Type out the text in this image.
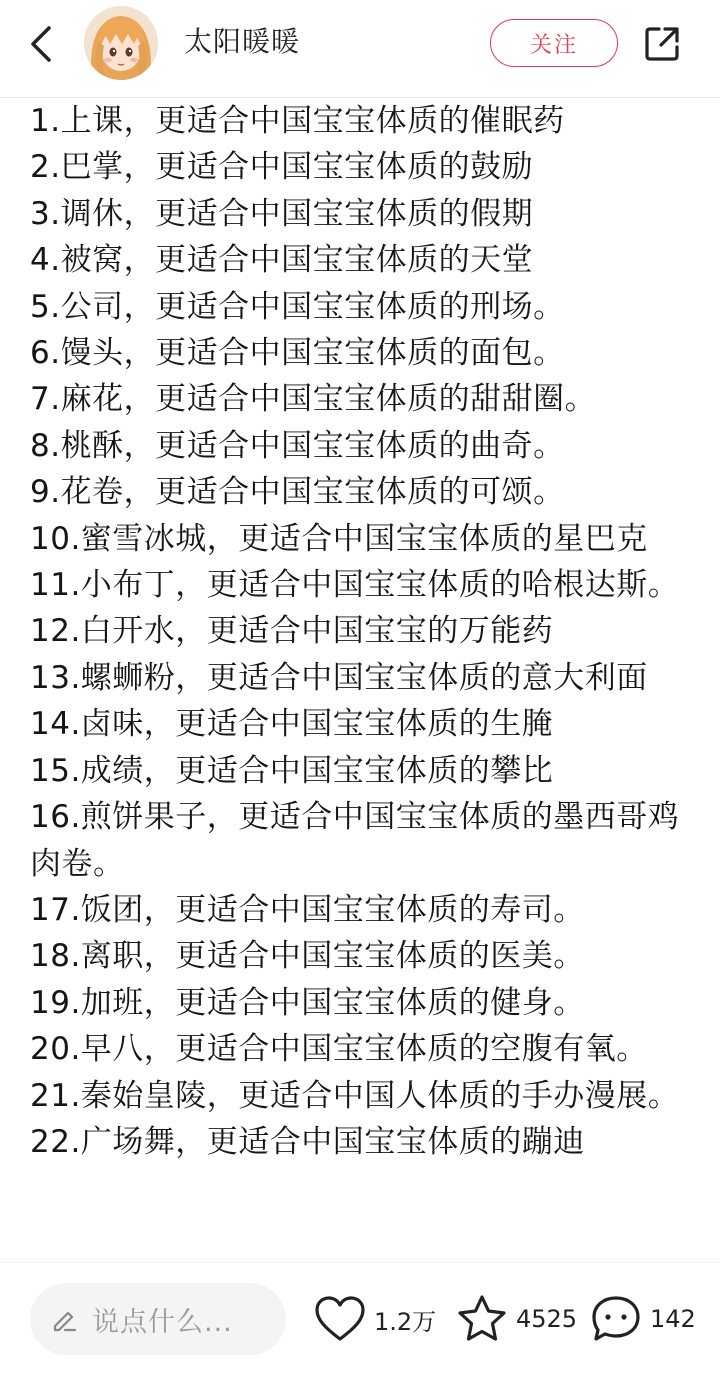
太阳暖暖	关注
1.上课，更适合中国宝宝体质的催眠药
2.巴掌，更适合中国宝宝体质的鼓励
3.调休，更适合中国宝宝体质的假期
4.被窝，更适合中国宝宝体质的天堂
5.公司，更适合中国宝宝体质的刑场。
6.馒头，更适合中国宝宝体质的面包。
7.麻花，更适合中国宝宝体质的甜甜圈。
8.桃酥，更适合中国宝宝体质的曲奇。
9.花卷，更适合中国宝宝体质的可颂。
10.蜜雪冰城，更适合中国宝宝体质的星巴克
11.小布丁，更适合中国宝宝体质的哈根达斯。
12.白开水，更适合中国宝宝的万能药
13.螺蛳粉，更适合中国宝宝体质的意大利面
14.卤味，更适合中国宝宝体质的生腌
15.成绩，更适合中国宝宝体质的攀比
16.煎饼果子，更适合中国宝宝体质的墨西哥鸡肉卷。
17.饭团，更适合中国宝宝体质的寿司。
18.离职，更适合中国宝宝体质的医美。
19.加班，更适合中国宝宝体质的健身。
20.早八，更适合中国宝宝体质的空腹有氧。
21.秦始皇陵，更适合中国人体质的手办漫展。
22.广场舞，更适合中国宝宝体质的蹦迪
说点什么...	1.2万	4525	142
